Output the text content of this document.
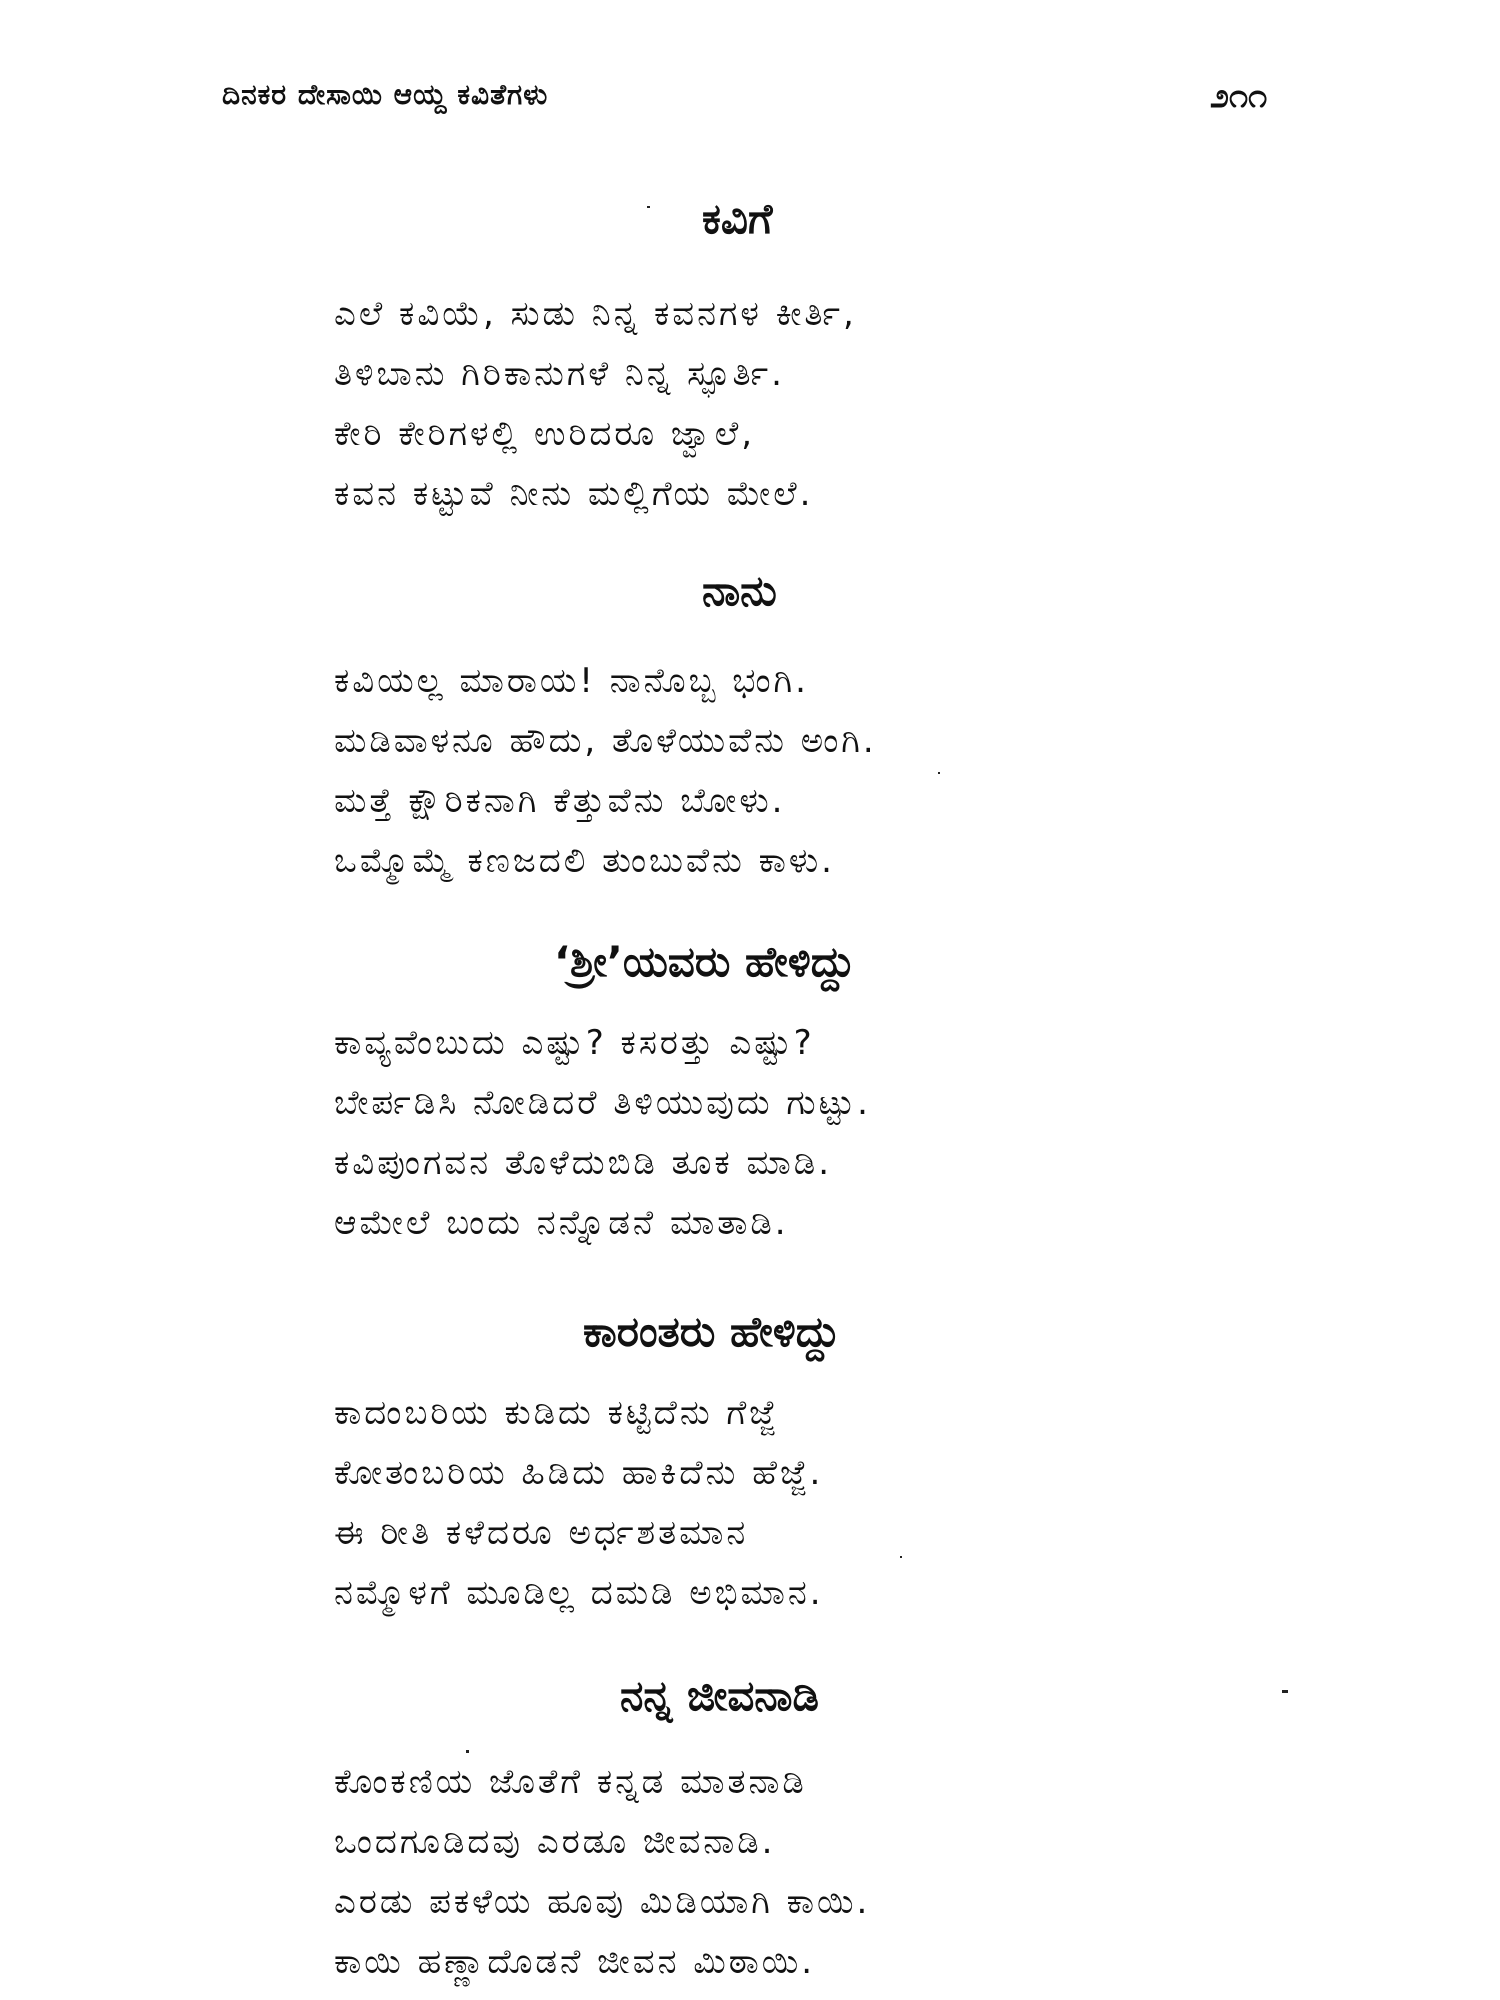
ದಿನಕರ ದೇಸಾಯಿ ಆಯ್ದ ಕವಿತೆಗಳು	೨೧೧
ಕವಿಗೆ
ಎಲೆ ಕವಿಯೆ, ಸುಡು ನಿನ್ನ ಕವನಗಳ ಕೀರ್ತಿ,
ತಿಳಿಬಾನು ಗಿರಿಕಾನುಗಳೆ ನಿನ್ನ ಸ್ಫೂರ್ತಿ.
ಕೇರಿ ಕೇರಿಗಳಲ್ಲಿ ಉರಿದರೂ ಜ್ವಾಲೆ,
ಕವನ ಕಟ್ಟುವೆ ನೀನು ಮಲ್ಲಿಗೆಯ ಮೇಲೆ.
ನಾನು
ಕವಿಯಲ್ಲ ಮಾರಾಯ! ನಾನೊಬ್ಬ ಭಂಗಿ.
ಮಡಿವಾಳನೂ ಹೌದು, ತೊಳೆಯುವೆನು ಅಂಗಿ.
ಮತ್ತೆ ಕ್ಷೌರಿಕನಾಗಿ ಕೆತ್ತುವೆನು ಬೋಳು.
ಒಮ್ಮೊಮ್ಮೆ ಕಣಜದಲಿ ತುಂಬುವೆನು ಕಾಳು.
‘ಶ್ರೀ’ಯವರು ಹೇಳಿದ್ದು
ಕಾವ್ಯವೆಂಬುದು ಎಷ್ಟು? ಕಸರತ್ತು ಎಷ್ಟು?
ಬೇರ್ಪಡಿಸಿ ನೋಡಿದರೆ ತಿಳಿಯುವುದು ಗುಟ್ಟು.
ಕವಿಪುಂಗವನ ತೊಳೆದುಬಿಡಿ ತೂಕ ಮಾಡಿ.
ಆಮೇಲೆ ಬಂದು ನನ್ನೊಡನೆ ಮಾತಾಡಿ.
ಕಾರಂತರು ಹೇಳಿದ್ದು
ಕಾದಂಬರಿಯ ಕುಡಿದು ಕಟ್ಟಿದೆನು ಗೆಜ್ಜೆ
ಕೋತಂಬರಿಯ ಹಿಡಿದು ಹಾಕಿದೆನು ಹೆಜ್ಜೆ.
ಈ ರೀತಿ ಕಳೆದರೂ ಅರ್ಧಶತಮಾನ
ನಮ್ಮೊಳಗೆ ಮೂಡಿಲ್ಲ ದಮಡಿ ಅಭಿಮಾನ.
ನನ್ನ ಜೀವನಾಡಿ
ಕೊಂಕಣಿಯ ಜೊತೆಗೆ ಕನ್ನಡ ಮಾತನಾಡಿ
ಒಂದಗೂಡಿದವು ಎರಡೂ ಜೀವನಾಡಿ.
ಎರಡು ಪಕಳೆಯ ಹೂವು ಮಿಡಿಯಾಗಿ ಕಾಯಿ.
ಕಾಯಿ ಹಣ್ಣಾದೊಡನೆ ಜೀವನ ಮಿಠಾಯಿ.
